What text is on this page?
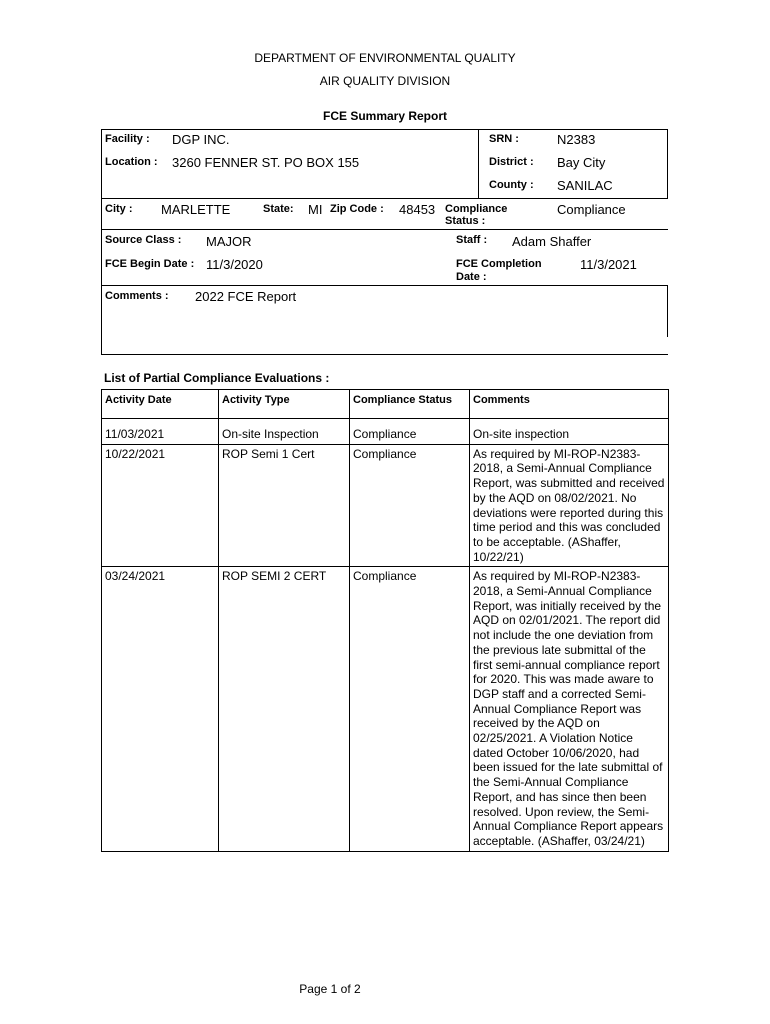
DEPARTMENT OF ENVIRONMENTAL QUALITY
AIR QUALITY DIVISION
FCE Summary Report
Facility : DGP INC.	SRN :	N2383
Location : 3260 FENNER ST. PO BOX 155	District : Bay City
County : SANILAC
City : MARLETTE	State: MI Zip Code : 48453 Compliance
Status :
Compliance
Source Class : MAJOR	Staff : Adam Shaffer
FCE Begin Date : 11/3/2020	FCE Completion
Date :
11/3/2021
Comments : 2022 FCE Report
List of Partial Compliance Evaluations :
Activity Date	Activity Type	Compliance Status	Comments
11/03/2021	On-site Inspection	Compliance	On-site inspection
10/22/2021	ROP Semi 1 Cert	Compliance	As required by MI-ROP-N2383-2018, a Semi-Annual Compliance Report, was submitted and received by the AQD on 08/02/2021. No deviations were reported during this time period and this was concluded to be acceptable. (AShaffer, 10/22/21)
03/24/2021	ROP SEMI 2 CERT	Compliance	As required by MI-ROP-N2383-2018, a Semi-Annual Compliance Report, was initially received by the AQD on 02/01/2021. The report did not include the one deviation from the previous late submittal of the first semi-annual compliance report for 2020. This was made aware to DGP staff and a corrected Semi-Annual Compliance Report was received by the AQD on 02/25/2021. A Violation Notice dated October 10/06/2020, had been issued for the late submittal of the Semi-Annual Compliance Report, and has since then been resolved. Upon review, the Semi-Annual Compliance Report appears acceptable. (AShaffer, 03/24/21)
Page 1 of 2
